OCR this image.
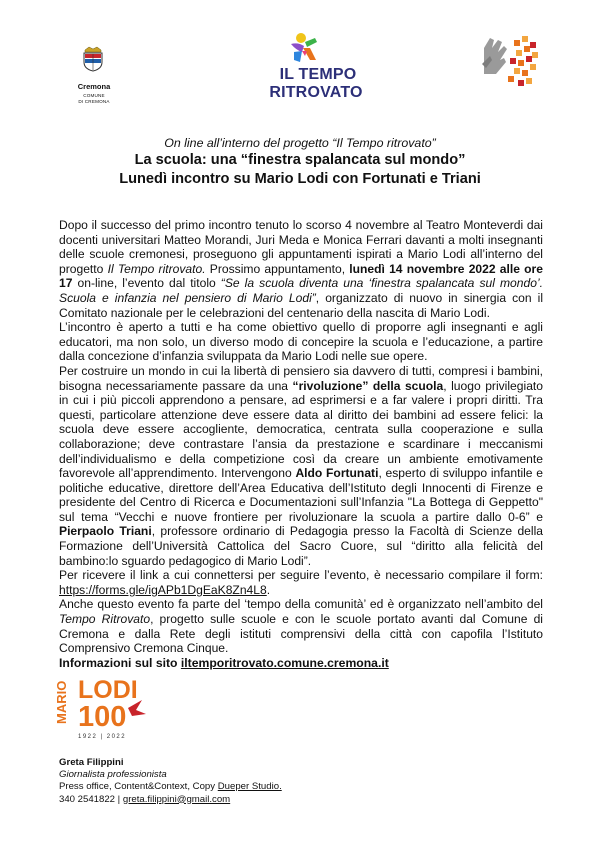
Cremona
COMUNE
DI CREMONA
IL TEMPO
RITROVATO
On line all’interno del progetto “Il Tempo ritrovato”
La scuola: una “finestra spalancata sul mondo”
Lunedì incontro su Mario Lodi con Fortunati e Triani

Dopo il successo del primo incontro tenuto lo scorso 4 novembre al Teatro Monteverdi dai docenti universitari Matteo Morandi, Juri Meda e Monica Ferrari davanti a molti insegnanti delle scuole cremonesi, proseguono gli appuntamenti ispirati a Mario Lodi all’interno del progetto Il Tempo ritrovato. Prossimo appuntamento, lunedì 14 novembre 2022 alle ore 17 on-line, l’evento dal titolo “Se la scuola diventa una ‘finestra spalancata sul mondo’. Scuola e infanzia nel pensiero di Mario Lodi”, organizzato di nuovo in sinergia con il Comitato nazionale per le celebrazioni del centenario della nascita di Mario Lodi.

L’incontro è aperto a tutti e ha come obiettivo quello di proporre agli insegnanti e agli educatori, ma non solo, un diverso modo di concepire la scuola e l’educazione, a partire dalla concezione d’infanzia sviluppata da Mario Lodi nelle sue opere.

Per costruire un mondo in cui la libertà di pensiero sia davvero di tutti, compresi i bambini, bisogna necessariamente passare da una “rivoluzione” della scuola, luogo privilegiato in cui i più piccoli apprendono a pensare, ad esprimersi e a far valere i propri diritti. Tra questi, particolare attenzione deve essere data al diritto dei bambini ad essere felici: la scuola deve essere accogliente, democratica, centrata sulla cooperazione e sulla collaborazione; deve contrastare l’ansia da prestazione e scardinare i meccanismi dell’individualismo e della competizione così da creare un ambiente emotivamente favorevole all’apprendimento. Intervengono Aldo Fortunati, esperto di sviluppo infantile e politiche educative, direttore dell’Area Educativa dell’Istituto degli Innocenti di Firenze e presidente del Centro di Ricerca e Documentazioni sull’Infanzia "La Bottega di Geppetto" sul tema “Vecchi e nuove frontiere per rivoluzionare la scuola a partire dallo 0-6” e Pierpaolo Triani, professore ordinario di Pedagogia presso la Facoltà di Scienze della Formazione dell’Università Cattolica del Sacro Cuore, sul “diritto alla felicità del bambino:lo sguardo pedagogico di Mario Lodi”.

Per ricevere il link a cui connettersi per seguire l’evento, è necessario compilare il form: https://forms.gle/igAPb1DgEaK8Zn4L8.

Anche questo evento fa parte del ‘tempo della comunità’ ed è organizzato nell’ambito del Tempo Ritrovato, progetto sulle scuole e con le scuole portato avanti dal Comune di Cremona e dalla Rete degli istituti comprensivi della città con capofila l’Istituto Comprensivo Cremona Cinque.

Informazioni sul sito iltemporitrovato.comune.cremona.it
MARIO LODI
100
1922 | 2022
Greta Filippini
Giornalista professionista
Press office, Content&Context, Copy Dueper Studio.
340 2541822 | greta.filippini@gmail.com
